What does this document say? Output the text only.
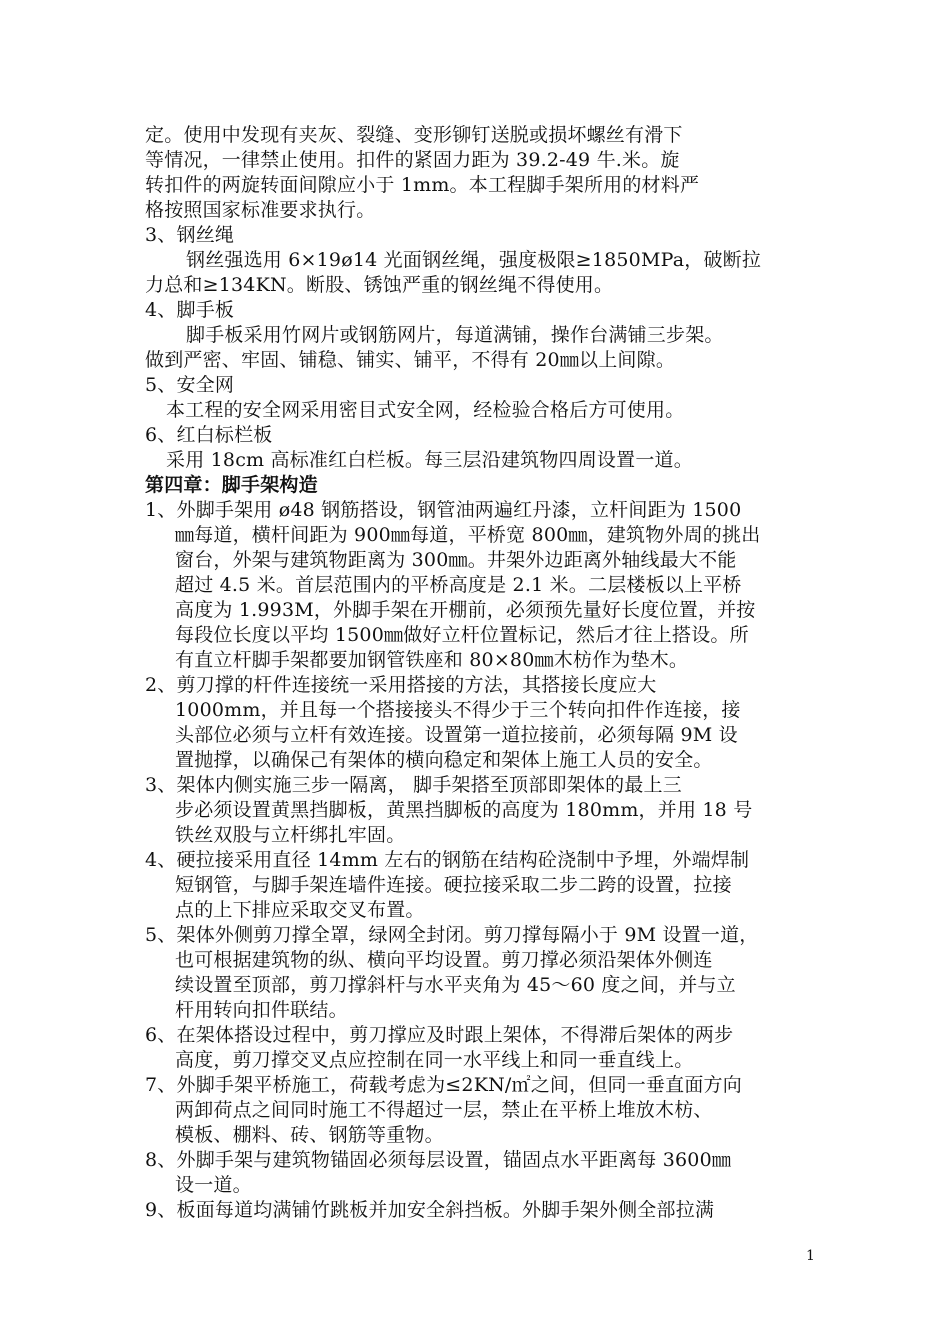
定。使用中发现有夹灰、裂缝、变形铆钉送脱或损坏螺丝有滑下
等情况，一律禁止使用。扣件的紧固力距为 39.2-49 牛.米。旋
转扣件的两旋转面间隙应小于 1mm。本工程脚手架所用的材料严
格按照国家标准要求执行。
3、钢丝绳
钢丝强选用 6×19ø14 光面钢丝绳，强度极限≥1850MPa，破断拉
力总和≥134KN。断股、锈蚀严重的钢丝绳不得使用。
4、脚手板
脚手板采用竹网片或钢筋网片，每道满铺，操作台满铺三步架。
做到严密、牢固、铺稳、铺实、铺平，不得有 20㎜以上间隙。
5、安全网
本工程的安全网采用密目式安全网，经检验合格后方可使用。
6、红白标栏板
采用 18cm 高标准红白栏板。每三层沿建筑物四周设置一道。
第四章：脚手架构造
1、外脚手架用 ø48 钢筋搭设，钢管油两遍红丹漆，立杆间距为 1500
㎜每道，横杆间距为 900㎜每道，平桥宽 800㎜，建筑物外周的挑出
窗台，外架与建筑物距离为 300㎜。井架外边距离外轴线最大不能
超过 4.5 米。首层范围内的平桥高度是 2.1 米。二层楼板以上平桥
高度为 1.993M，外脚手架在开棚前，必须预先量好长度位置，并按
每段位长度以平均 1500㎜做好立杆位置标记，然后才往上搭设。所
有直立杆脚手架都要加钢管铁座和 80×80㎜木枋作为垫木。
2、剪刀撑的杆件连接统一采用搭接的方法，其搭接长度应大
1000mm，并且每一个搭接接头不得少于三个转向扣件作连接，接
头部位必须与立杆有效连接。设置第一道拉接前，必须每隔 9M 设
置抛撑，以确保己有架体的横向稳定和架体上施工人员的安全。
3、架体内侧实施三步一隔离， 脚手架搭至顶部即架体的最上三
步必须设置黄黑挡脚板，黄黑挡脚板的高度为 180mm，并用 18 号
铁丝双股与立杆绑扎牢固。
4、硬拉接采用直径 14mm 左右的钢筋在结构砼浇制中予埋，外端焊制
短钢管，与脚手架连墙件连接。硬拉接采取二步二跨的设置，拉接
点的上下排应采取交叉布置。
5、架体外侧剪刀撑全罩，绿网全封闭。剪刀撑每隔小于 9M 设置一道，
也可根据建筑物的纵、横向平均设置。剪刀撑必须沿架体外侧连
续设置至顶部，剪刀撑斜杆与水平夹角为 45～60 度之间，并与立
杆用转向扣件联结。
6、在架体搭设过程中，剪刀撑应及时跟上架体，不得滞后架体的两步
高度，剪刀撑交叉点应控制在同一水平线上和同一垂直线上。
7、外脚手架平桥施工，荷载考虑为≤2KN/㎡之间，但同一垂直面方向
两卸荷点之间同时施工不得超过一层，禁止在平桥上堆放木枋、
模板、棚料、砖、钢筋等重物。
8、外脚手架与建筑物锚固必须每层设置，锚固点水平距离每 3600㎜
设一道。
9、板面每道均满铺竹跳板并加安全斜挡板。外脚手架外侧全部拉满
1
